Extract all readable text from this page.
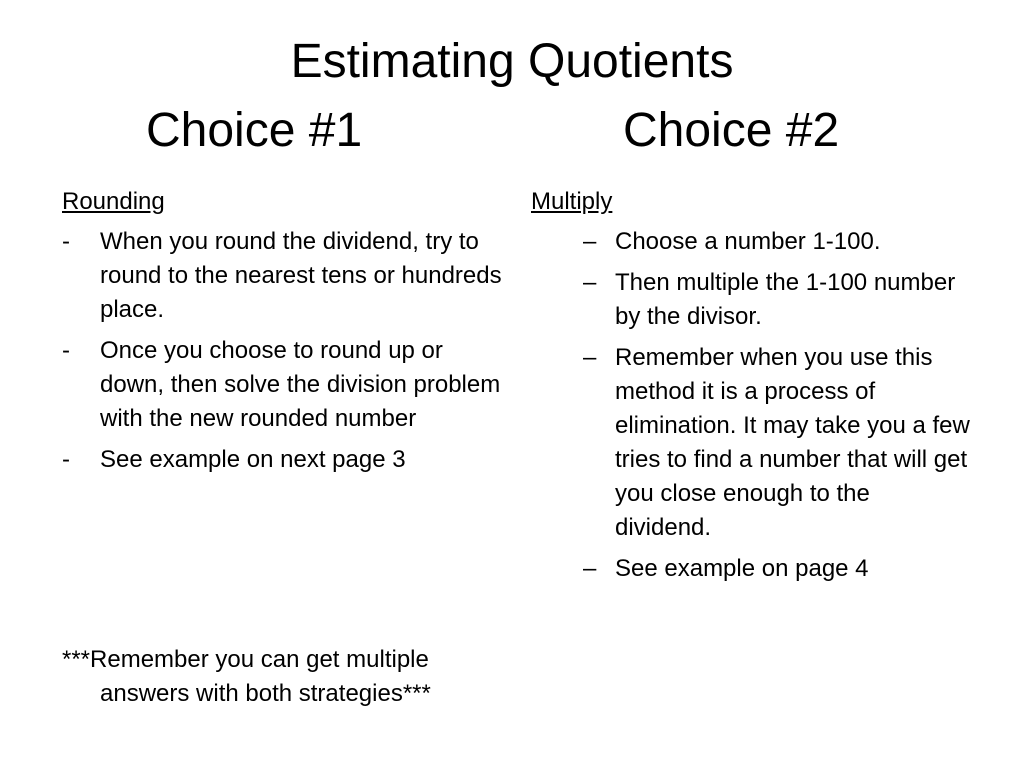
Estimating Quotients
Choice #1	Choice #2
Rounding
- When you round the dividend, try to round to the nearest tens or hundreds place.
- Once you choose to round up or down, then solve the division problem with the new rounded number
- See example on next page 3
Multiply
– Choose a number 1-100.
– Then multiple the 1-100 number by the divisor.
– Remember when you use this method it is a process of elimination. It may take you a few tries to find a number that will get you close enough to the dividend.
– See example on page 4
***Remember you can get multiple answers with both strategies***
